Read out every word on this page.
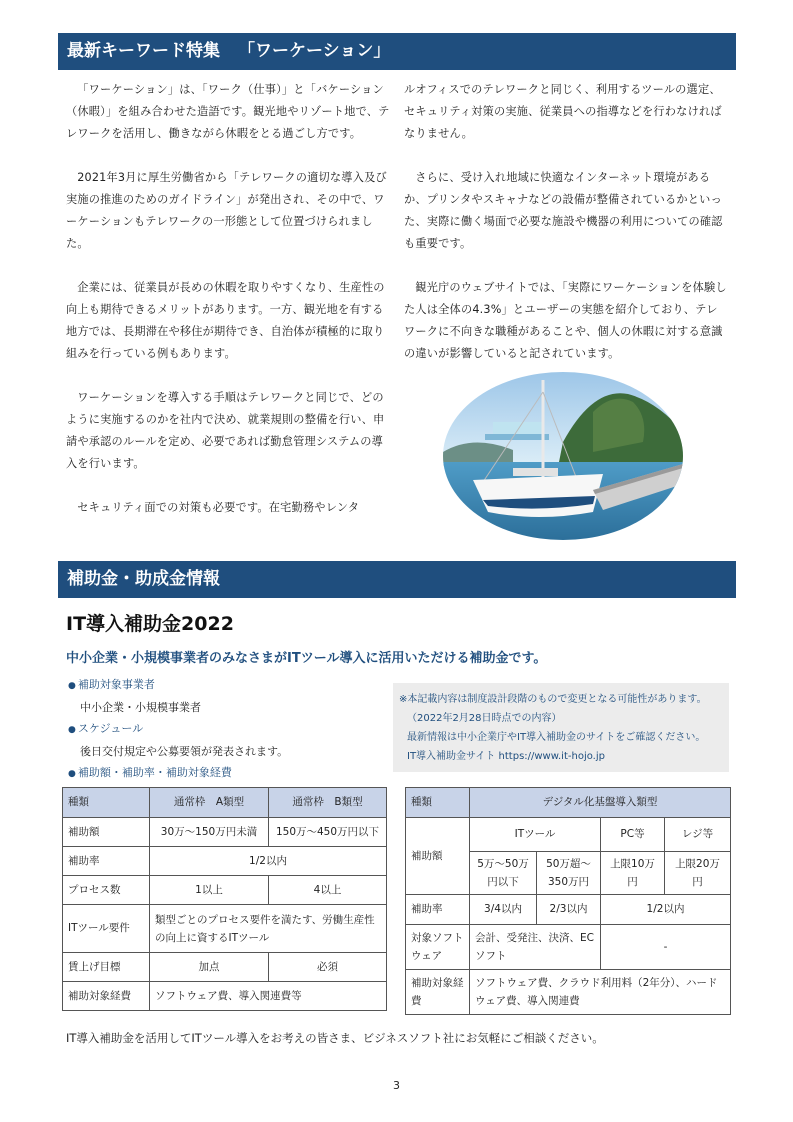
最新キーワード特集 「ワーケーション」

「ワーケーション」は、「ワーク（仕事）」と「バケーション（休暇）」を組み合わせた造語です。観光地やリゾート地で、テレワークを活用し、働きながら休暇をとる過ごし方です。

2021年3月に厚生労働省から「テレワークの適切な導入及び実施の推進のためのガイドライン」が発出され、その中で、ワーケーションもテレワークの一形態として位置づけられました。

企業には、従業員が長めの休暇を取りやすくなり、生産性の向上も期待できるメリットがあります。一方、観光地を有する地方では、長期滞在や移住が期待でき、自治体が積極的に取り組みを行っている例もあります。

ワーケーションを導入する手順はテレワークと同じで、どのように実施するのかを社内で決め、就業規則の整備を行い、申請や承認のルールを定め、必要であれば勤怠管理システムの導入を行います。

セキュリティ面での対策も必要です。在宅勤務やレンタ

ルオフィスでのテレワークと同じく、利用するツールの選定、セキュリティ対策の実施、従業員への指導などを行わなければなりません。

さらに、受け入れ地域に快適なインターネット環境があるか、プリンタやスキャナなどの設備が整備されているかといった、実際に働く場面で必要な施設や機器の利用についての確認も重要です。

観光庁のウェブサイトでは、「実際にワーケーションを体験した人は全体の4.3%」とユーザーの実態を紹介しており、テレワークに不向きな職種があることや、個人の休暇に対する意識の違いが影響していると記されています。

補助金・助成金情報
IT導入補助金2022
中小企業・小規模事業者のみなさまがITツール導入に活用いただける補助金です。
● 補助対象事業者
中小企業・小規模事業者
● スケジュール
後日交付規定や公募要領が発表されます。
● 補助額・補助率・補助対象経費
※本記載内容は制度設計段階のもので変更となる可能性があります。
（2022年2月28日時点での内容）
最新情報は中小企業庁やIT導入補助金のサイトをご確認ください。
IT導入補助金サイト https://www.it-hojo.jp
種類	通常枠　A類型	通常枠　B類型
補助額	30万～150万円未満	150万～450万円以下
補助率	1/2以内	
プロセス数	1以上	4以上
ITツール要件	類型ごとのプロセス要件を満たす、労働生産性の向上に資するITツール	
賃上げ目標	加点	必須
補助対象経費	ソフトウェア費、導入関連費等	
種類	デジタル化基盤導入類型			
補助額	ITツール		PC等	レジ等
	5万～50万円以下	50万超～350万円	上限10万円	上限20万円
補助率	3/4以内	2/3以内	1/2以内	
対象ソフトウェア	会計、受発注、決済、ECソフト		-	
補助対象経費	ソフトウェア費、クラウド利用料（2年分）、ハードウェア費、導入関連費			
IT導入補助金を活用してITツール導入をお考えの皆さま、ビジネスソフト社にお気軽にご相談ください。
3
